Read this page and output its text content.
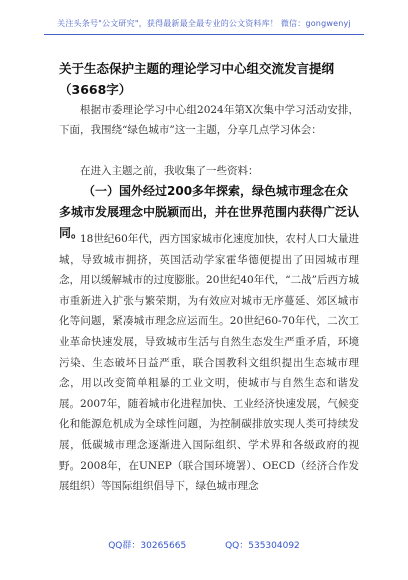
关注头条号"公文研究"，获得最新最全最专业的公文资料库！ 微信：gongwenyj
关于生态保护主题的理论学习中心组交流发言提纲（3668字）
根据市委理论学习中心组2024年第X次集中学习活动安排，下面，我围绕“绿色城市”这一主题，分享几点学习体会：
在进入主题之前，我收集了一些资料：
（一）国外经过200多年探索，绿色城市理念在众多城市发展理念中脱颖而出，并在世界范围内获得广泛认同。
18世纪60年代，西方国家城市化速度加快，农村人口大量进城，导致城市拥挤，英国活动学家霍华德便提出了田园城市理念，用以缓解城市的过度膨胀。20世纪40年代，“二战”后西方城市重新进入扩张与繁荣期，为有效应对城市无序蔓延、郊区城市化等问题，紧凑城市理念应运而生。20世纪60-70年代，二次工业革命快速发展，导致城市生活与自然生态发生严重矛盾，环境污染、生态破坏日益严重，联合国教科文组织提出生态城市理念，用以改变简单粗暴的工业文明，使城市与自然生态和谐发展。2007年，随着城市化进程加快、工业经济快速发展，气候变化和能源危机成为全球性问题，为控制碳排放实现人类可持续发展，低碳城市理念逐渐进入国际组织、学术界和各级政府的视野。2008年，在UNEP（联合国环境署）、OECD（经济合作发展组织）等国际组织倡导下，绿色城市理念
QQ群：30265665	QQ：535304092
